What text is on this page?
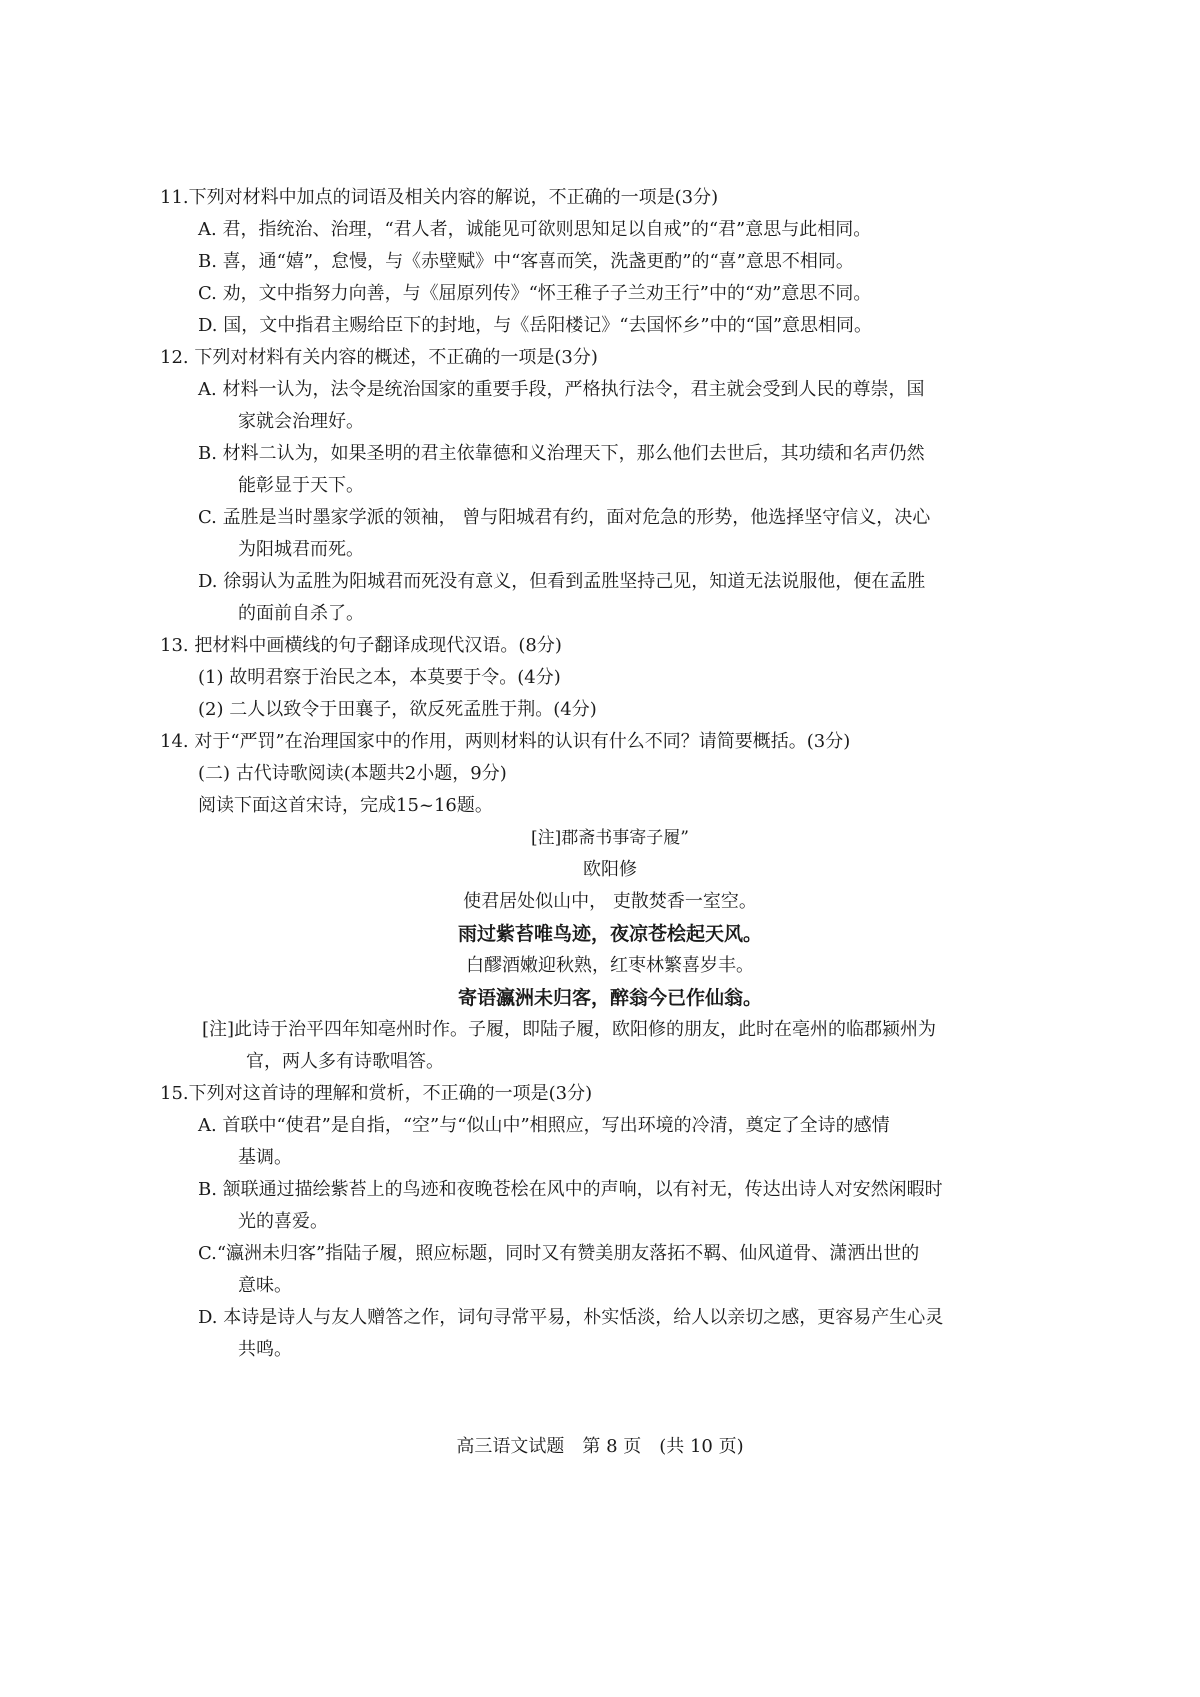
11.下列对材料中加点的词语及相关内容的解说，不正确的一项是(3分)
A. 君，指统治、治理，“君人者，诚能见可欲则思知足以自戒”的“君”意思与此相同。
B. 喜，通“嬉”，怠慢，与《赤壁赋》中“客喜而笑，洗盏更酌”的“喜”意思不相同。
C. 劝，文中指努力向善，与《屈原列传》“怀王稚子子兰劝王行”中的“劝”意思不同。
D. 国，文中指君主赐给臣下的封地，与《岳阳楼记》“去国怀乡”中的“国”意思相同。
12. 下列对材料有关内容的概述，不正确的一项是(3分)
A. 材料一认为，法令是统治国家的重要手段，严格执行法令，君主就会受到人民的尊崇，国
家就会治理好。
B. 材料二认为，如果圣明的君主依靠德和义治理天下，那么他们去世后，其功绩和名声仍然
能彰显于天下。
C. 孟胜是当时墨家学派的领袖， 曾与阳城君有约，面对危急的形势，他选择坚守信义，决心
为阳城君而死。
D. 徐弱认为孟胜为阳城君而死没有意义，但看到孟胜坚持己见，知道无法说服他，便在孟胜
的面前自杀了。
13. 把材料中画横线的句子翻译成现代汉语。(8分)
(1) 故明君察于治民之本，本莫要于令。(4分)
(2) 二人以致令于田襄子，欲反死孟胜于荆。(4分)
14. 对于“严罚”在治理国家中的作用，两则材料的认识有什么不同？请简要概括。(3分)
(二) 古代诗歌阅读(本题共2小题，9分)
阅读下面这首宋诗，完成15~16题。
[注]郡斋书事寄子履”
欧阳修
使君居处似山中， 吏散焚香一室空。
雨过紫苔唯鸟迹，夜凉苍桧起天风。
白醪酒嫩迎秋熟，红枣林繁喜岁丰。
寄语瀛洲未归客，醉翁今已作仙翁。
[注]此诗于治平四年知亳州时作。子履，即陆子履，欧阳修的朋友，此时在亳州的临郡颍州为
官，两人多有诗歌唱答。
15.下列对这首诗的理解和赏析，不正确的一项是(3分)
A. 首联中“使君”是自指，“空”与“似山中”相照应，写出环境的冷清，奠定了全诗的感情
基调。
B. 颔联通过描绘紫苔上的鸟迹和夜晚苍桧在风中的声响，以有衬无，传达出诗人对安然闲暇时
光的喜爱。
C.“瀛洲未归客”指陆子履，照应标题，同时又有赞美朋友落拓不羁、仙风道骨、潇洒出世的
意味。
D. 本诗是诗人与友人赠答之作，词句寻常平易，朴实恬淡，给人以亲切之感，更容易产生心灵
共鸣。
高三语文试题　第 8 页　(共 10 页)
